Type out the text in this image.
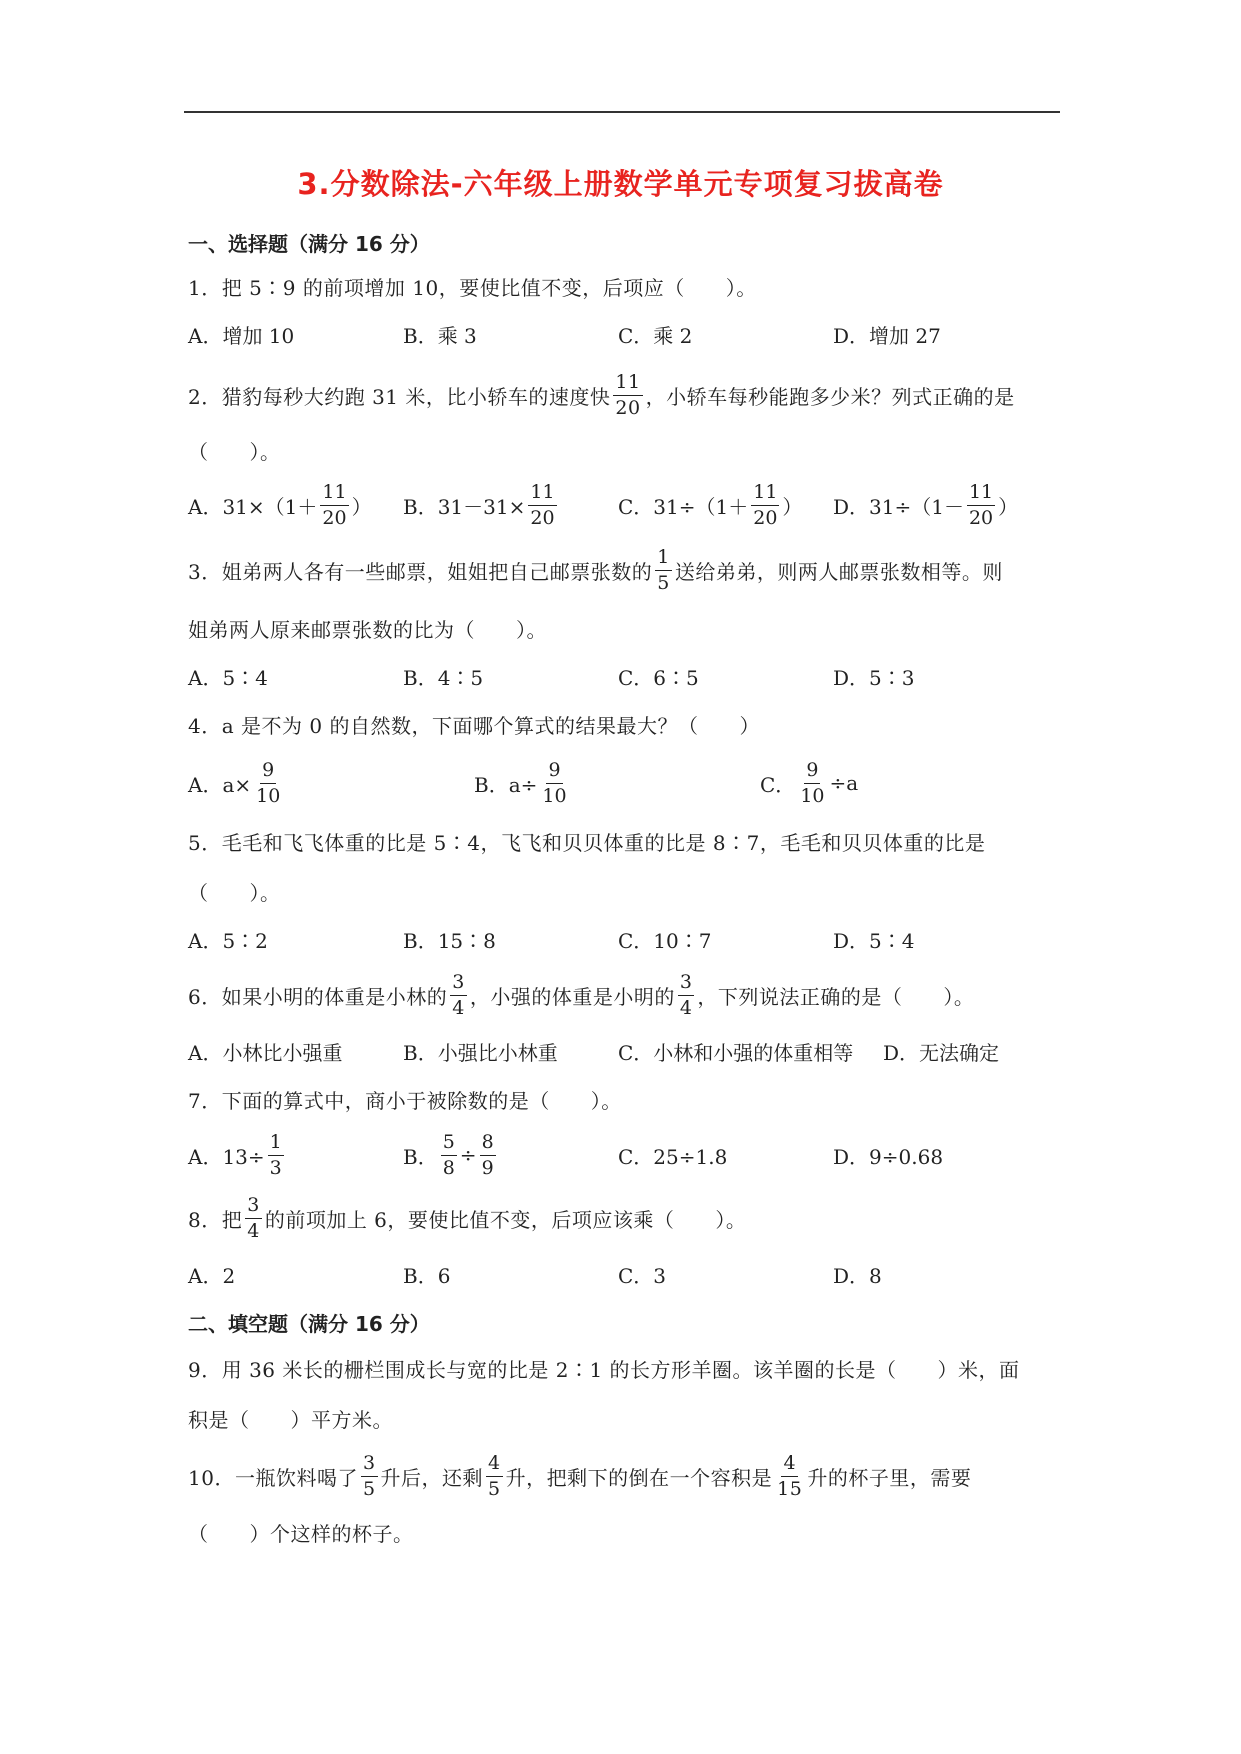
3.分数除法-六年级上册数学单元专项复习拔高卷
一、选择题（满分 16 分）
1．把 5∶9 的前项增加 10，要使比值不变，后项应（　　）。
A．增加 10	B．乘 3	C．乘 2	D．增加 27
2．猎豹每秒大约跑 31 米，比小轿车的速度快 $\frac{11}{20}$ ，小轿车每秒能跑多少米？列式正确的是
（　　）。
A．$31\times(1+ \frac{11}{20}$ ） B．$31-31\times \frac{11}{20}$	C．$31\div(1+ \frac{11}{20}$ ） D．$31\div(1- \frac{11}{20}$ ）
3．姐弟两人各有一些邮票，姐姐把自己邮票张数的 $\frac{1}{5}$ 送给弟弟，则两人邮票张数相等。则
姐弟两人原来邮票张数的比为（　　）。
A．5∶4	B．4∶5	C．6∶5	D．5∶3
4．a 是不为 0 的自然数，下面哪个算式的结果最大？（　　）
A．$a\times \frac{9}{10}$	B．$a\div \frac{9}{10}$	C． $\frac{9}{10} \div a$
5．毛毛和飞飞体重的比是 5∶4，飞飞和贝贝体重的比是 8∶7，毛毛和贝贝体重的比是
（　　）。
A．5∶2	B．15∶8	C．10∶7	D．5∶4
6．如果小明的体重是小林的 $\frac{3}{4}$ ，小强的体重是小明的 $\frac{3}{4}$ ，下列说法正确的是（　　）。
A．小林比小强重	B．小强比小林重	C．小林和小强的体重相等 D．无法确定
7．下面的算式中，商小于被除数的是（　　）。
A．$13\div \frac{1}{3}$	B． $\frac{5}{8} \div \frac{8}{9}$	C．25÷1.8	D．9÷0.68
8．把 $\frac{3}{4}$ 的前项加上 6，要使比值不变，后项应该乘（　　）。
A．2	B．6	C．3	D．8
二、填空题（满分 16 分）
9．用 36 米长的栅栏围成长与宽的比是 2∶1 的长方形羊圈。该羊圈的长是（　　）米，面
积是（　　）平方米。
10．一瓶饮料喝了 $\frac{3}{5}$ 升后，还剩 $\frac{4}{5}$ 升，把剩下的倒在一个容积是 $\frac{4}{15}$ 升的杯子里，需要
（　　）个这样的杯子。
